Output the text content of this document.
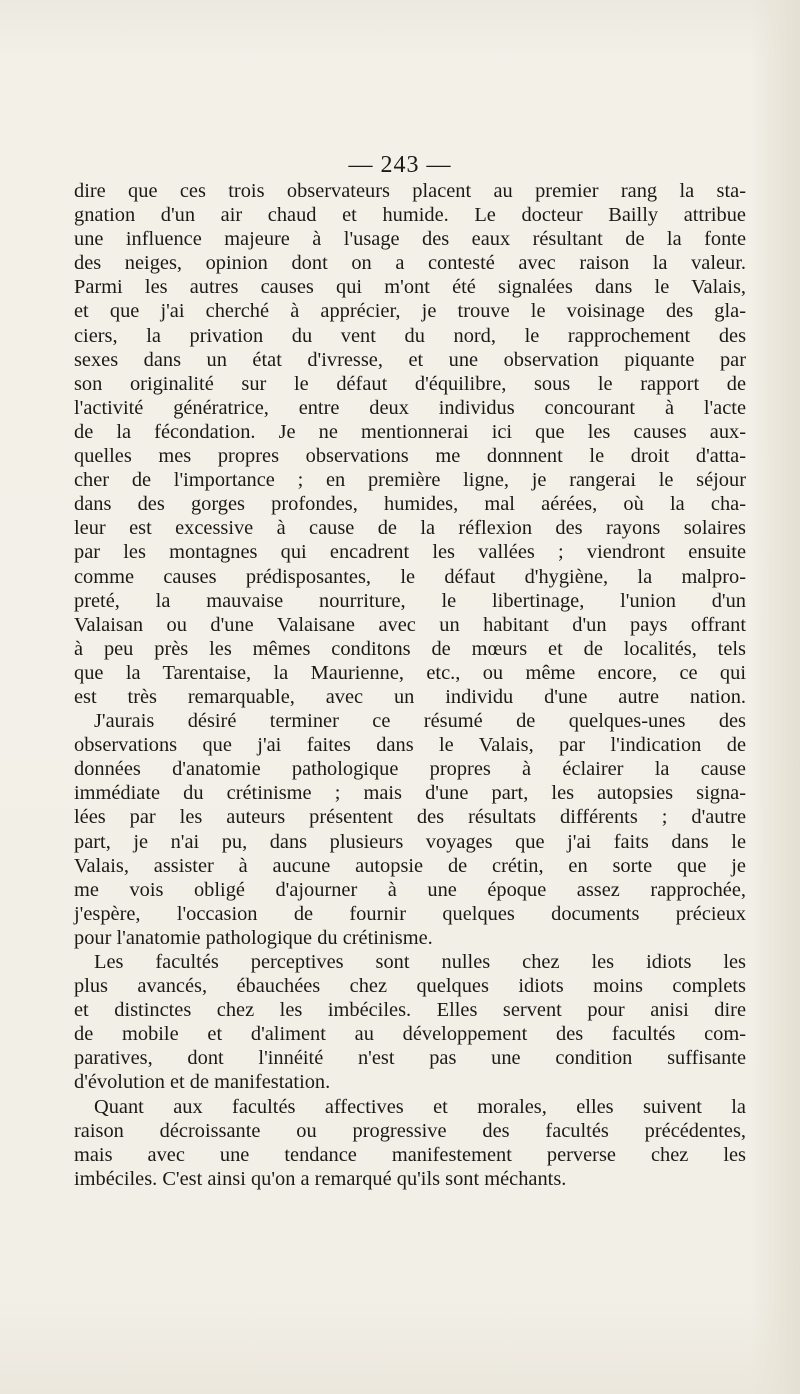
— 243 —

dire que ces trois observateurs placent au premier rang la sta-
gnation d'un air chaud et humide. Le docteur Bailly attribue
une influence majeure à l'usage des eaux résultant de la fonte
des neiges, opinion dont on a contesté avec raison la valeur.
Parmi les autres causes qui m'ont été signalées dans le Valais,
et que j'ai cherché à apprécier, je trouve le voisinage des gla-
ciers, la privation du vent du nord, le rapprochement des
sexes dans un état d'ivresse, et une observation piquante par
son originalité sur le défaut d'équilibre, sous le rapport de
l'activité génératrice, entre deux individus concourant à l'acte
de la fécondation. Je ne mentionnerai ici que les causes aux-
quelles mes propres observations me donnnent le droit d'atta-
cher de l'importance ; en première ligne, je rangerai le séjour
dans des gorges profondes, humides, mal aérées, où la cha-
leur est excessive à cause de la réflexion des rayons solaires
par les montagnes qui encadrent les vallées ; viendront ensuite
comme causes prédisposantes, le défaut d'hygiène, la malpro-
preté, la mauvaise nourriture, le libertinage, l'union d'un
Valaisan ou d'une Valaisane avec un habitant d'un pays offrant
à peu près les mêmes conditons de mœurs et de localités, tels
que la Tarentaise, la Maurienne, etc., ou même encore, ce qui
est très remarquable, avec un individu d'une autre nation.

J'aurais désiré terminer ce résumé de quelques-unes des
observations que j'ai faites dans le Valais, par l'indication de
données d'anatomie pathologique propres à éclairer la cause
immédiate du crétinisme ; mais d'une part, les autopsies signa-
lées par les auteurs présentent des résultats différents ; d'autre
part, je n'ai pu, dans plusieurs voyages que j'ai faits dans le
Valais, assister à aucune autopsie de crétin, en sorte que je
me vois obligé d'ajourner à une époque assez rapprochée,
j'espère, l'occasion de fournir quelques documents précieux
pour l'anatomie pathologique du crétinisme.

Les facultés perceptives sont nulles chez les idiots les
plus avancés, ébauchées chez quelques idiots moins complets
et distinctes chez les imbéciles. Elles servent pour anisi dire
de mobile et d'aliment au développement des facultés com-
paratives, dont l'innéité n'est pas une condition suffisante
d'évolution et de manifestation.

Quant aux facultés affectives et morales, elles suivent la
raison décroissante ou progressive des facultés précédentes,
mais avec une tendance manifestement perverse chez les
imbéciles. C'est ainsi qu'on a remarqué qu'ils sont méchants.
